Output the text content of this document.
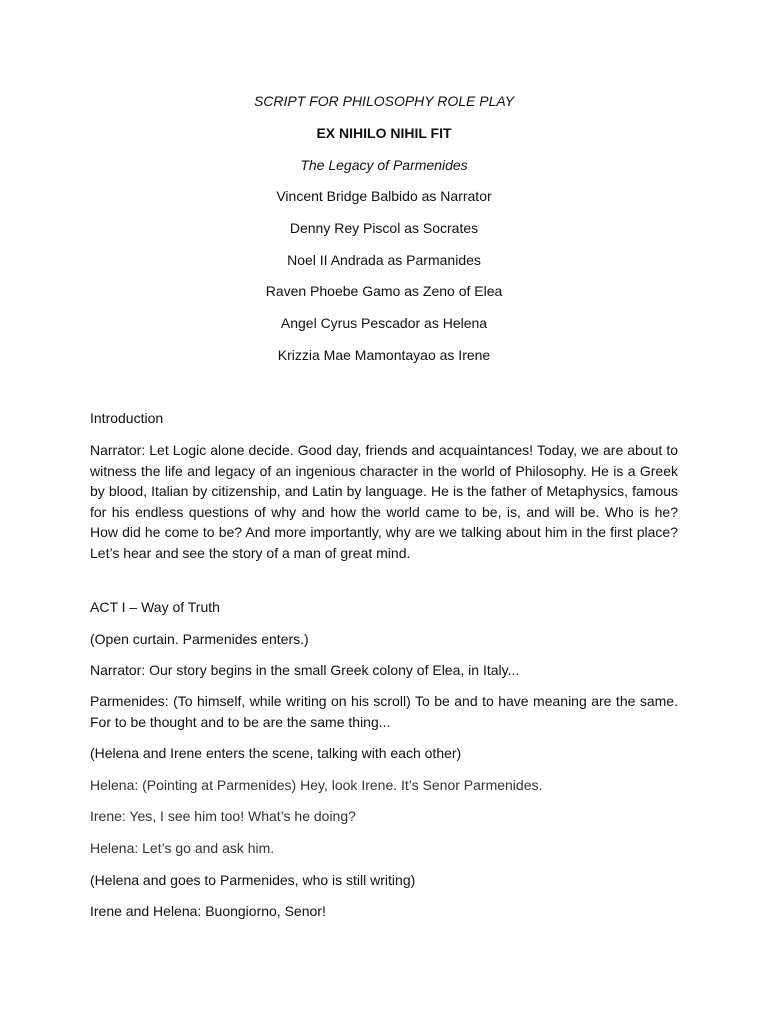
SCRIPT FOR PHILOSOPHY ROLE PLAY
EX NIHILO NIHIL FIT
The Legacy of Parmenides
Vincent Bridge Balbido as Narrator
Denny Rey Piscol as Socrates
Noel II Andrada as Parmanides
Raven Phoebe Gamo as Zeno of Elea
Angel Cyrus Pescador as Helena
Krizzia Mae Mamontayao as Irene
Introduction

Narrator: Let Logic alone decide. Good day, friends and acquaintances! Today, we are about to witness the life and legacy of an ingenious character in the world of Philosophy. He is a Greek by blood, Italian by citizenship, and Latin by language. He is the father of Metaphysics, famous for his endless questions of why and how the world came to be, is, and will be. Who is he? How did he come to be? And more importantly, why are we talking about him in the first place? Let’s hear and see the story of a man of great mind.

ACT I – Way of Truth
(Open curtain. Parmenides enters.)
Narrator: Our story begins in the small Greek colony of Elea, in Italy...

Parmenides: (To himself, while writing on his scroll) To be and to have meaning are the same. For to be thought and to be are the same thing...

(Helena and Irene enters the scene, talking with each other)
Helena: (Pointing at Parmenides) Hey, look Irene. It’s Senor Parmenides.
Irene: Yes, I see him too! What’s he doing?
Helena: Let’s go and ask him.
(Helena and goes to Parmenides, who is still writing)
Irene and Helena: Buongiorno, Senor!
